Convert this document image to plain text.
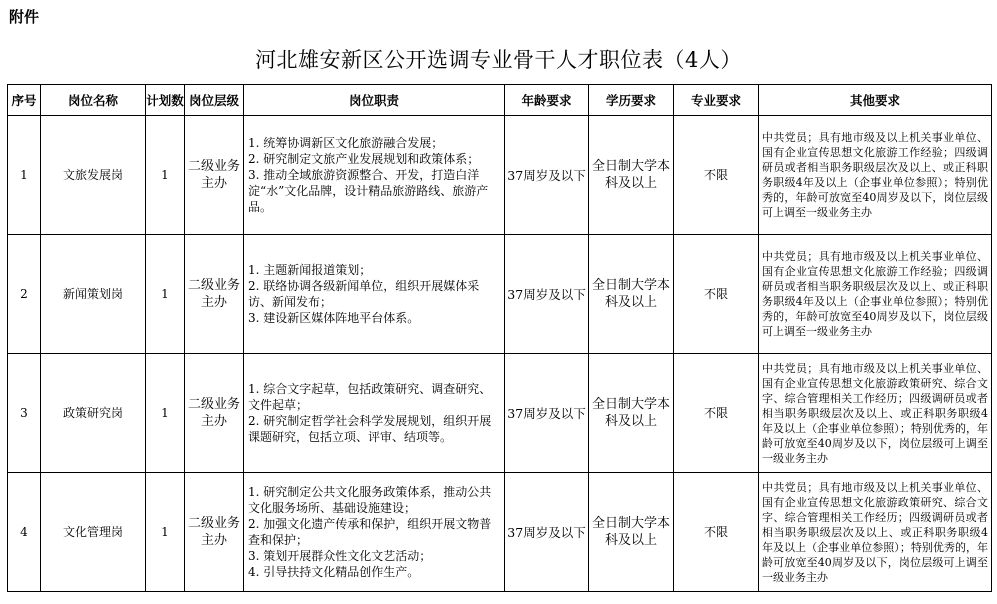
附件
河北雄安新区公开选调专业骨干人才职位表（4人）
序号	岗位名称	计划数	岗位层级	岗位职责	年龄要求	学历要求	专业要求	其他要求
1	文旅发展岗	1	二级业务主办	1. 统筹协调新区文化旅游融合发展；
2. 研究制定文旅产业发展规划和政策体系；
3. 推动全域旅游资源整合、开发，打造白洋淀“水”文化品牌，设计精品旅游路线、旅游产品。	37周岁及以下	全日制大学本科及以上	不限	中共党员；具有地市级及以上机关事业单位、国有企业宣传思想文化旅游工作经验；四级调研员或者相当职务职级层次及以上、或正科职务职级4年及以上（企事业单位参照）；特别优秀的，年龄可放宽至40周岁及以下，岗位层级可上调至一级业务主办
2	新闻策划岗	1	二级业务主办	1. 主题新闻报道策划；
2. 联络协调各级新闻单位，组织开展媒体采访、新闻发布；
3. 建设新区媒体阵地平台体系。	37周岁及以下	全日制大学本科及以上	不限	中共党员；具有地市级及以上机关事业单位、国有企业宣传思想文化旅游工作经验；四级调研员或者相当职务职级层次及以上、或正科职务职级4年及以上（企事业单位参照）；特别优秀的，年龄可放宽至40周岁及以下，岗位层级可上调至一级业务主办
3	政策研究岗	1	二级业务主办	1. 综合文字起草，包括政策研究、调查研究、文件起草；
2. 研究制定哲学社会科学发展规划，组织开展课题研究，包括立项、评审、结项等。	37周岁及以下	全日制大学本科及以上	不限	中共党员；具有地市级及以上机关事业单位、国有企业宣传思想文化旅游政策研究、综合文字、综合管理相关工作经历；四级调研员或者相当职务职级层次及以上、或正科职务职级4年及以上（企事业单位参照）；特别优秀的，年龄可放宽至40周岁及以下，岗位层级可上调至一级业务主办
4	文化管理岗	1	二级业务主办	1. 研究制定公共文化服务政策体系，推动公共文化服务场所、基础设施建设；
2. 加强文化遗产传承和保护，组织开展文物普查和保护；
3. 策划开展群众性文化文艺活动；
4. 引导扶持文化精品创作生产。	37周岁及以下	全日制大学本科及以上	不限	中共党员；具有地市级及以上机关事业单位、国有企业宣传思想文化旅游政策研究、综合文字、综合管理相关工作经历；四级调研员或者相当职务职级层次及以上、或正科职务职级4年及以上（企事业单位参照）；特别优秀的，年龄可放宽至40周岁及以下，岗位层级可上调至一级业务主办
